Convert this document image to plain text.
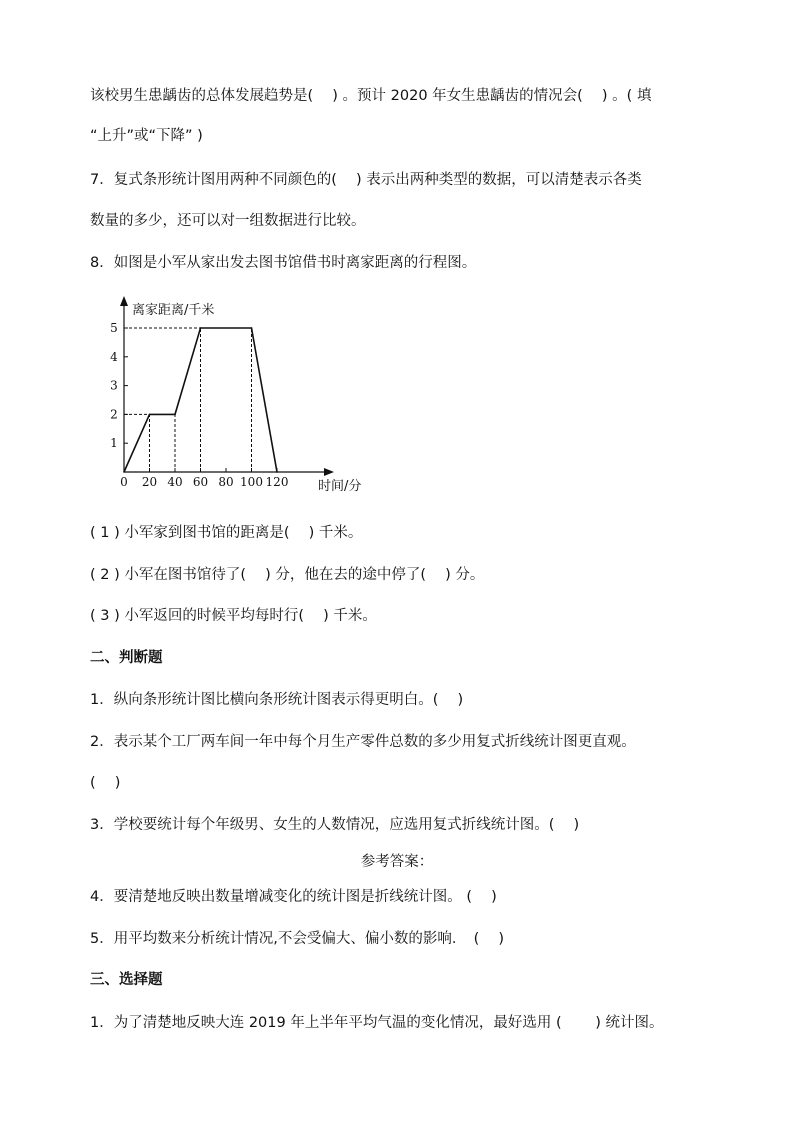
该校男生患龋齿的总体发展趋势是(　 ) 。预计 2020 年女生患龋齿的情况会(　 ) 。( 填
“上升”或“下降” )
7．复式条形统计图用两种不同颜色的(　 ) 表示出两种类型的数据，可以清楚表示各类
数量的多少，还可以对一组数据进行比较。
8．如图是小军从家出发去图书馆借书时离家距离的行程图。
1
2
3
4
5
0 20 40 60 80 100 120
离家距离/千米
时间/分
( 1 ) 小军家到图书馆的距离是(　 ) 千米。
( 2 ) 小军在图书馆待了(　 ) 分，他在去的途中停了(　 ) 分。
( 3 ) 小军返回的时候平均每时行(　 ) 千米。
二、判断题
1．纵向条形统计图比横向条形统计图表示得更明白。(　 )
2．表示某个工厂两车间一年中每个月生产零件总数的多少用复式折线统计图更直观。
(　 )
3．学校要统计每个年级男、女生的人数情况，应选用复式折线统计图。(　 )
参考答案：
4．要清楚地反映出数量增减变化的统计图是折线统计图。 (　 )
5．用平均数来分析统计情况,不会受偏大、偏小数的影响．　(　 )
三、选择题
1．为了清楚地反映大连 2019 年上半年平均气温的变化情况，最好选用 (　 　) 统计图。
